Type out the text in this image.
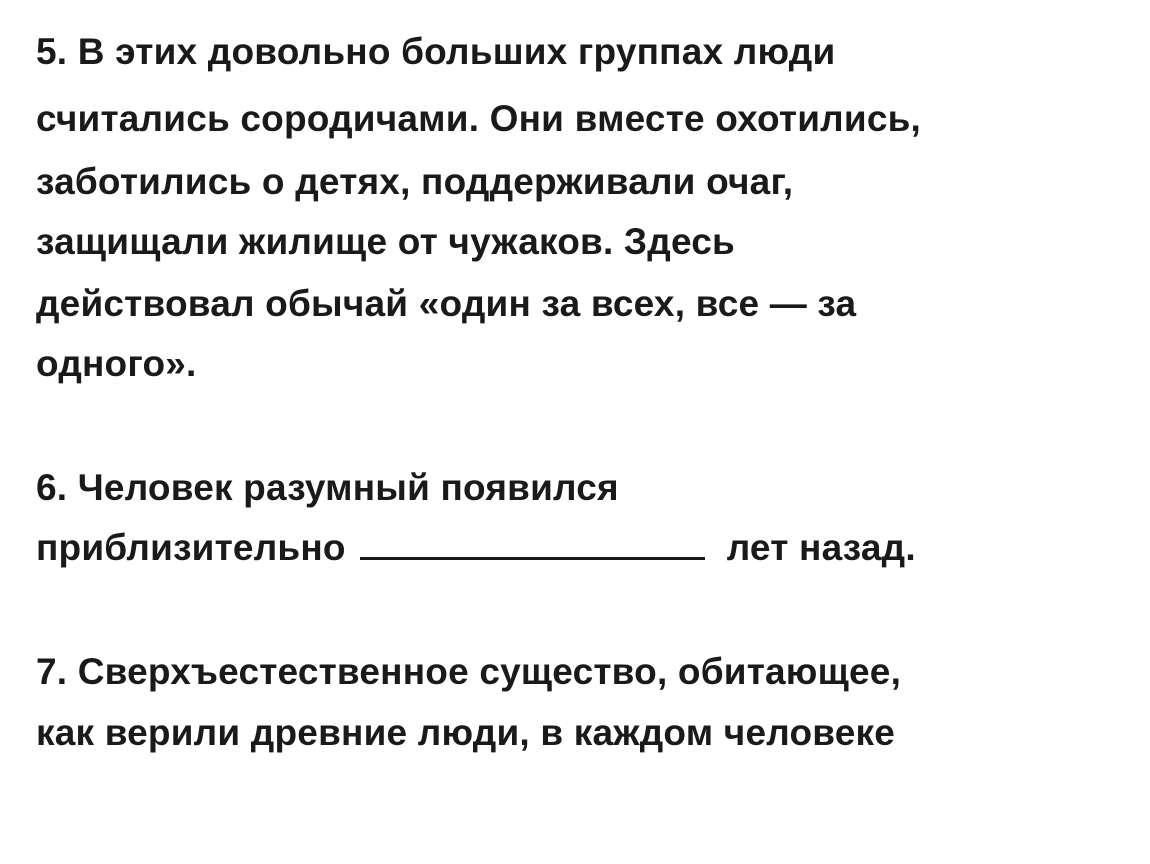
5. В этих довольно больших группах люди
считались сородичами. Они вместе охотились,
заботились о детях, поддерживали очаг,
защищали жилище от чужаков. Здесь
действовал обычай «один за всех, все — за
одного».
6. Человек разумный появился
приблизительно	лет назад.
7. Сверхъестественное существо, обитающее,
как верили древние люди, в каждом человеке
